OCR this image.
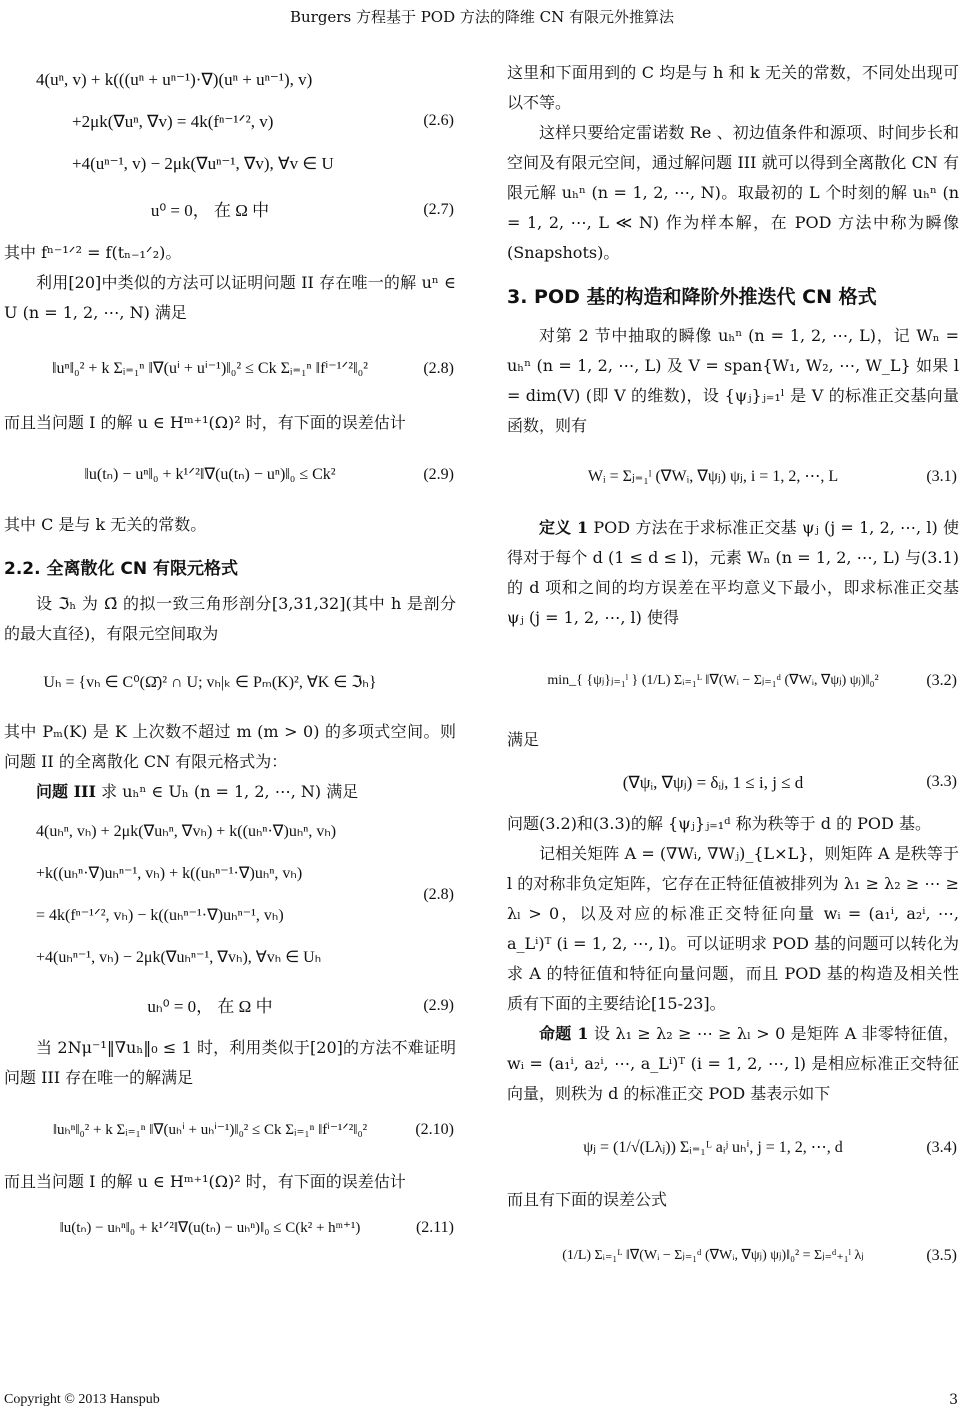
Burgers 方程基于 POD 方法的降维 CN 有限元外推算法
4(uⁿ, v) + k(((uⁿ + uⁿ⁻¹)·∇)(uⁿ + uⁿ⁻¹), v)
+2μk(∇uⁿ, ∇v) = 4k(fⁿ⁻¹ᐟ², v)
+4(uⁿ⁻¹, v) − 2μk(∇uⁿ⁻¹, ∇v), ∀v ∈ U
(2.6)
u⁰ = 0， 在 Ω 中	(2.7)

其中 fⁿ⁻¹ᐟ² = f(tₙ₋₁ᐟ₂)。

利用[20]中类似的方法可以证明问题 II 存在唯一的解 uⁿ ∈ U (n = 1, 2, ⋯, N) 满足

‖uⁿ‖₀² + k Σᵢ₌₁ⁿ ‖∇(uⁱ + uⁱ⁻¹)‖₀² ≤ Ck Σᵢ₌₁ⁿ ‖fⁱ⁻¹ᐟ²‖₀²	(2.8)

而且当问题 I 的解 u ∈ Hᵐ⁺¹(Ω)² 时，有下面的误差估计

‖u(tₙ) − uⁿ‖₀ + k¹ᐟ²‖∇(u(tₙ) − uⁿ)‖₀ ≤ Ck²	(2.9)

其中 C 是与 k 无关的常数。

2.2. 全离散化 CN 有限元格式

设 ℑₕ 为 Ω̄ 的拟一致三角形剖分[3,31,32](其中 h 是剖分的最大直径)，有限元空间取为

Uₕ = {vₕ ∈ C⁰(Ω̄)² ∩ U; vₕ|ₖ ∈ Pₘ(K)², ∀K ∈ ℑₕ}

其中 Pₘ(K) 是 K 上次数不超过 m (m > 0) 的多项式空间。则问题 II 的全离散化 CN 有限元格式为：

问题 III 求 uₕⁿ ∈ Uₕ (n = 1, 2, ⋯, N) 满足

4(uₕⁿ, vₕ) + 2μk(∇uₕⁿ, ∇vₕ) + k((uₕⁿ·∇)uₕⁿ, vₕ)
+k((uₕⁿ·∇)uₕⁿ⁻¹, vₕ) + k((uₕⁿ⁻¹·∇)uₕⁿ, vₕ)
= 4k(fⁿ⁻¹ᐟ², vₕ) − k((uₕⁿ⁻¹·∇)uₕⁿ⁻¹, vₕ)
+4(uₕⁿ⁻¹, vₕ) − 2μk(∇uₕⁿ⁻¹, ∇vₕ), ∀vₕ ∈ Uₕ
(2.8)
uₕ⁰ = 0， 在 Ω 中	(2.9)

当 2Nμ⁻¹‖∇uₕ‖₀ ≤ 1 时，利用类似于[20]的方法不难证明问题 III 存在唯一的解满足

‖uₕⁿ‖₀² + k Σᵢ₌₁ⁿ ‖∇(uₕⁱ + uₕⁱ⁻¹)‖₀² ≤ Ck Σᵢ₌₁ⁿ ‖fⁱ⁻¹ᐟ²‖₀²	(2.10)

而且当问题 I 的解 u ∈ Hᵐ⁺¹(Ω)² 时，有下面的误差估计

‖u(tₙ) − uₕⁿ‖₀ + k¹ᐟ²‖∇(u(tₙ) − uₕⁿ)‖₀ ≤ C(k² + hᵐ⁺¹)	(2.11)

这里和下面用到的 C 均是与 h 和 k 无关的常数，不同处出现可以不等。

这样只要给定雷诺数 Re 、初边值条件和源项、时间步长和空间及有限元空间，通过解问题 III 就可以得到全离散化 CN 有限元解 uₕⁿ (n = 1, 2, ⋯, N)。取最初的 L 个时刻的解 uₕⁿ (n = 1, 2, ⋯, L ≪ N) 作为样本解，在 POD 方法中称为瞬像(Snapshots)。

3. POD 基的构造和降阶外推迭代 CN 格式

对第 2 节中抽取的瞬像 uₕⁿ (n = 1, 2, ⋯, L)，记 Wₙ = uₕⁿ (n = 1, 2, ⋯, L) 及 V = span{W₁, W₂, ⋯, W_L} 如果 l = dim(V) (即 V 的维数)，设 {ψⱼ}ⱼ₌₁ˡ 是 V 的标准正交基向量函数，则有

Wᵢ = Σⱼ₌₁ˡ (∇Wᵢ, ∇ψⱼ) ψⱼ, i = 1, 2, ⋯, L	(3.1)

定义 1 POD 方法在于求标准正交基 ψⱼ (j = 1, 2, ⋯, l) 使得对于每个 d (1 ≤ d ≤ l)，元素 Wₙ (n = 1, 2, ⋯, L) 与(3.1)的 d 项和之间的均方误差在平均意义下最小，即求标准正交基 ψⱼ (j = 1, 2, ⋯, l) 使得

min_{ {ψⱼ}ⱼ₌₁ˡ } (1/L) Σᵢ₌₁ᴸ ‖∇(Wᵢ − Σⱼ₌₁ᵈ (∇Wᵢ, ∇ψⱼ) ψⱼ)‖₀²	(3.2)

满足

(∇ψᵢ, ∇ψⱼ) = δᵢⱼ, 1 ≤ i, j ≤ d	(3.3)

问题(3.2)和(3.3)的解 {ψⱼ}ⱼ₌₁ᵈ 称为秩等于 d 的 POD 基。

记相关矩阵 A = (∇Wᵢ, ∇Wⱼ)_{L×L}，则矩阵 A 是秩等于 l 的对称非负定矩阵，它存在正特征值被排列为 λ₁ ≥ λ₂ ≥ ⋯ ≥ λₗ > 0，以及对应的标准正交特征向量 wᵢ = (a₁ⁱ, a₂ⁱ, ⋯, a_Lⁱ)ᵀ (i = 1, 2, ⋯, l)。可以证明求 POD 基的问题可以转化为求 A 的特征值和特征向量问题，而且 POD 基的构造及相关性质有下面的主要结论[15-23]。

命题 1 设 λ₁ ≥ λ₂ ≥ ⋯ ≥ λₗ > 0 是矩阵 A 非零特征值， wᵢ = (a₁ⁱ, a₂ⁱ, ⋯, a_Lⁱ)ᵀ (i = 1, 2, ⋯, l) 是相应标准正交特征向量，则秩为 d 的标准正交 POD 基表示如下

ψⱼ = (1/√(Lλⱼ)) Σᵢ₌₁ᴸ aᵢʲ uₕⁱ, j = 1, 2, ⋯, d	(3.4)

而且有下面的误差公式

(1/L) Σᵢ₌₁ᴸ ‖∇(Wᵢ − Σⱼ₌₁ᵈ (∇Wᵢ, ∇ψⱼ) ψⱼ)‖₀² = Σⱼ₌ᵈ₊₁ˡ λⱼ	(3.5)
Copyright © 2013 Hanspub	3
